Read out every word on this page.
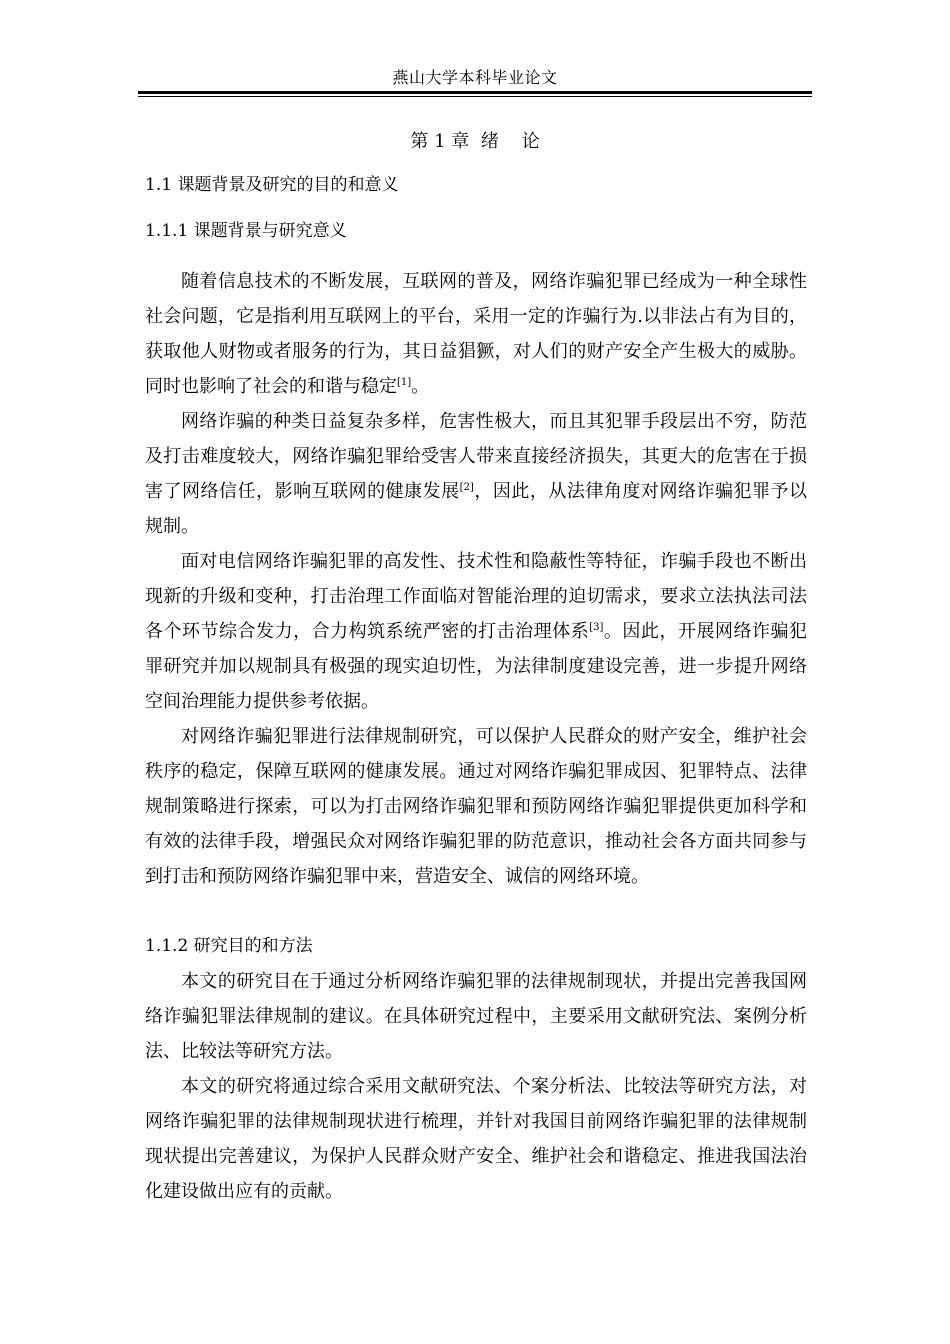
燕山大学本科毕业论文
第 1 章  绪    论
1.1 课题背景及研究的目的和意义
1.1.1 课题背景与研究意义

随着信息技术的不断发展，互联网的普及，网络诈骗犯罪已经成为一种全球性社会问题，它是指利用互联网上的平台，采用一定的诈骗行为.以非法占有为目的，获取他人财物或者服务的行为，其日益猖獗，对人们的财产安全产生极大的威胁。同时也影响了社会的和谐与稳定[1]。

网络诈骗的种类日益复杂多样，危害性极大，而且其犯罪手段层出不穷，防范及打击难度较大，网络诈骗犯罪给受害人带来直接经济损失，其更大的危害在于损害了网络信任，影响互联网的健康发展[2]，因此，从法律角度对网络诈骗犯罪予以规制。

面对电信网络诈骗犯罪的高发性、技术性和隐蔽性等特征，诈骗手段也不断出现新的升级和变种，打击治理工作面临对智能治理的迫切需求，要求立法执法司法各个环节综合发力，合力构筑系统严密的打击治理体系[3]。因此，开展网络诈骗犯罪研究并加以规制具有极强的现实迫切性，为法律制度建设完善，进一步提升网络空间治理能力提供参考依据。

对网络诈骗犯罪进行法律规制研究，可以保护人民群众的财产安全，维护社会秩序的稳定，保障互联网的健康发展。通过对网络诈骗犯罪成因、犯罪特点、法律规制策略进行探索，可以为打击网络诈骗犯罪和预防网络诈骗犯罪提供更加科学和有效的法律手段，增强民众对网络诈骗犯罪的防范意识，推动社会各方面共同参与到打击和预防网络诈骗犯罪中来，营造安全、诚信的网络环境。

1.1.2 研究目的和方法

本文的研究目在于通过分析网络诈骗犯罪的法律规制现状，并提出完善我国网络诈骗犯罪法律规制的建议。在具体研究过程中，主要采用文献研究法、案例分析法、比较法等研究方法。

本文的研究将通过综合采用文献研究法、个案分析法、比较法等研究方法，对网络诈骗犯罪的法律规制现状进行梳理，并针对我国目前网络诈骗犯罪的法律规制现状提出完善建议，为保护人民群众财产安全、维护社会和谐稳定、推进我国法治化建设做出应有的贡献。
